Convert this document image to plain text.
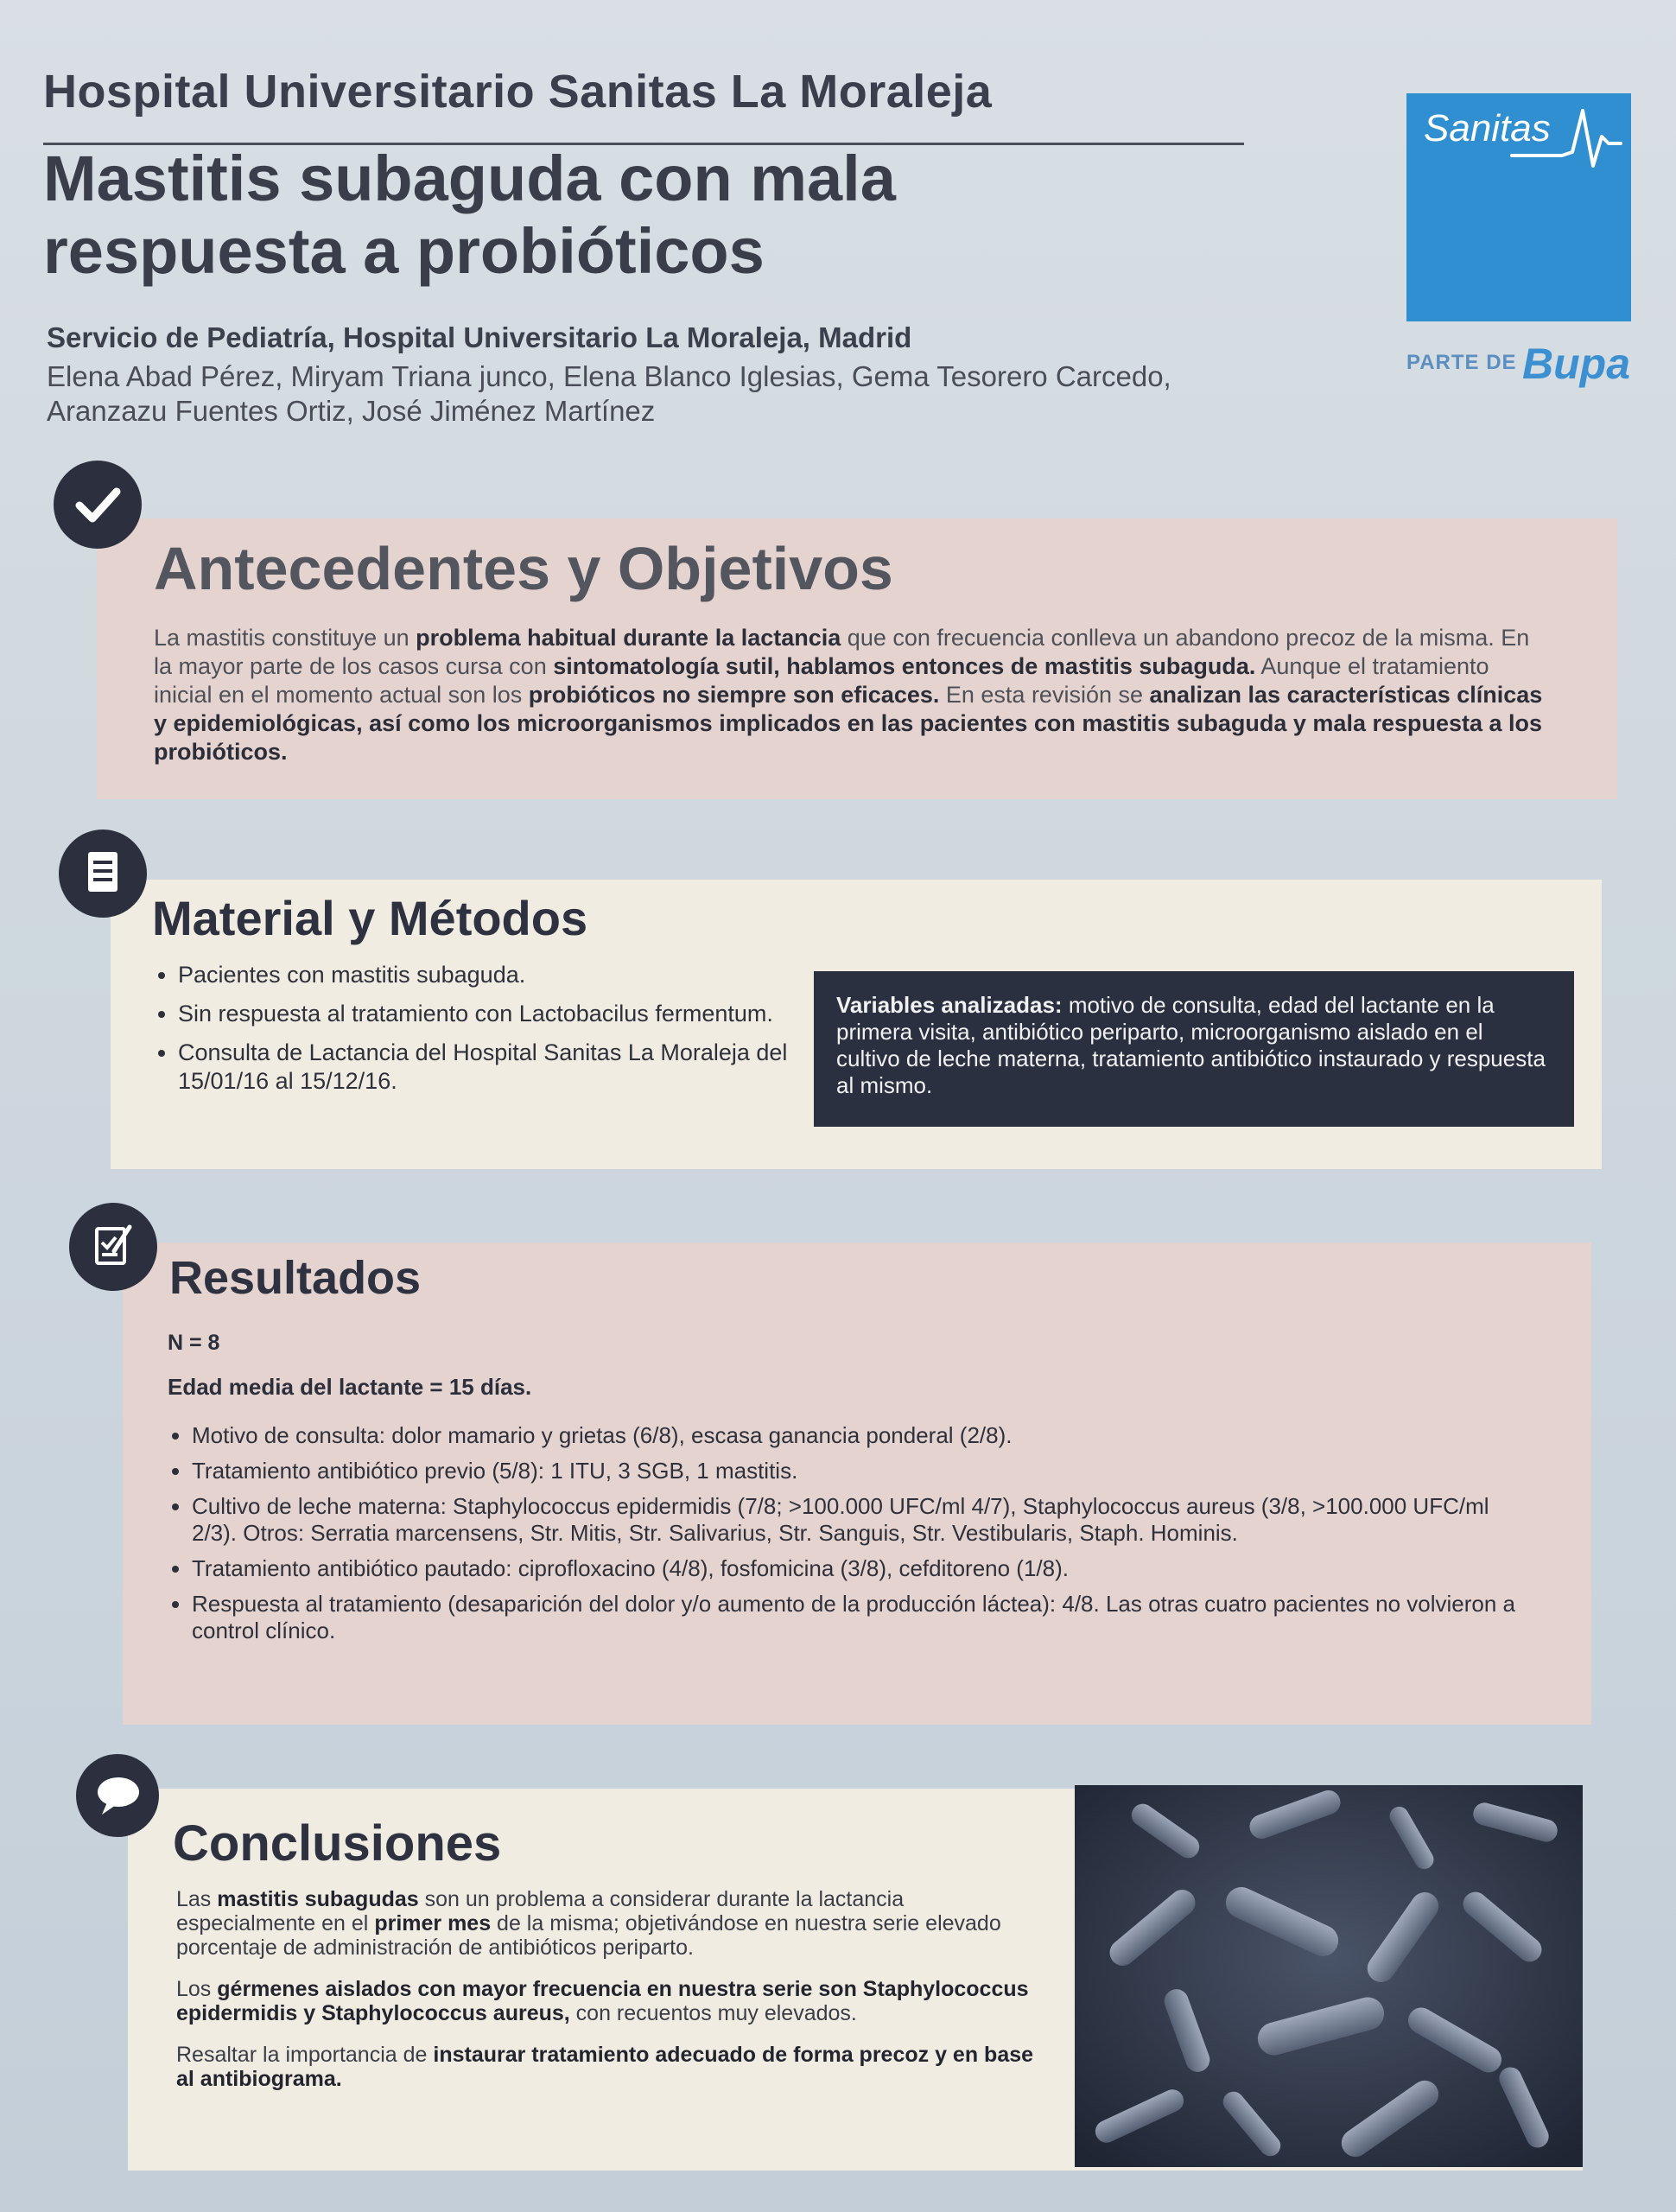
Hospital Universitario Sanitas La Moraleja
Mastitis subaguda con mala
respuesta a probióticos
Servicio de Pediatría, Hospital Universitario La Moraleja, Madrid
Elena Abad Pérez, Miryam Triana junco, Elena Blanco Iglesias, Gema Tesorero Carcedo,
Aranzazu Fuentes Ortiz, José Jiménez Martínez
Sanitas
PARTE DE Bupa
Antecedentes y Objetivos
La mastitis constituye un problema habitual durante la lactancia que con frecuencia conlleva un abandono precoz de la misma. En la mayor parte de los casos cursa con sintomatología sutil, hablamos entonces de mastitis subaguda. Aunque el tratamiento inicial en el momento actual son los probióticos no siempre son eficaces. En esta revisión se analizan las características clínicas y epidemiológicas, así como los microorganismos implicados en las pacientes con mastitis subaguda y mala respuesta a los probióticos.
Material y Métodos
• Pacientes con mastitis subaguda.
• Sin respuesta al tratamiento con Lactobacilus fermentum.
• Consulta de Lactancia del Hospital Sanitas La Moraleja del 15/01/16 al 15/12/16.
Variables analizadas: motivo de consulta, edad del lactante en la primera visita, antibiótico periparto, microorganismo aislado en el cultivo de leche materna, tratamiento antibiótico instaurado y respuesta al mismo.
Resultados
N = 8
Edad media del lactante = 15 días.
• Motivo de consulta: dolor mamario y grietas (6/8), escasa ganancia ponderal (2/8).
• Tratamiento antibiótico previo (5/8): 1 ITU, 3 SGB, 1 mastitis.
• Cultivo de leche materna: Staphylococcus epidermidis (7/8; >100.000 UFC/ml 4/7), Staphylococcus aureus (3/8, >100.000 UFC/ml 2/3). Otros: Serratia marcensens, Str. Mitis, Str. Salivarius, Str. Sanguis, Str. Vestibularis, Staph. Hominis.
• Tratamiento antibiótico pautado: ciprofloxacino (4/8), fosfomicina (3/8), cefditoreno (1/8).
• Respuesta al tratamiento (desaparición del dolor y/o aumento de la producción láctea): 4/8. Las otras cuatro pacientes no volvieron a control clínico.
Conclusiones

Las mastitis subagudas son un problema a considerar durante la lactancia especialmente en el primer mes de la misma; objetivándose en nuestra serie elevado porcentaje de administración de antibióticos periparto.

Los gérmenes aislados con mayor frecuencia en nuestra serie son Staphylococcus epidermidis y Staphylococcus aureus, con recuentos muy elevados.

Resaltar la importancia de instaurar tratamiento adecuado de forma precoz y en base al antibiograma.
